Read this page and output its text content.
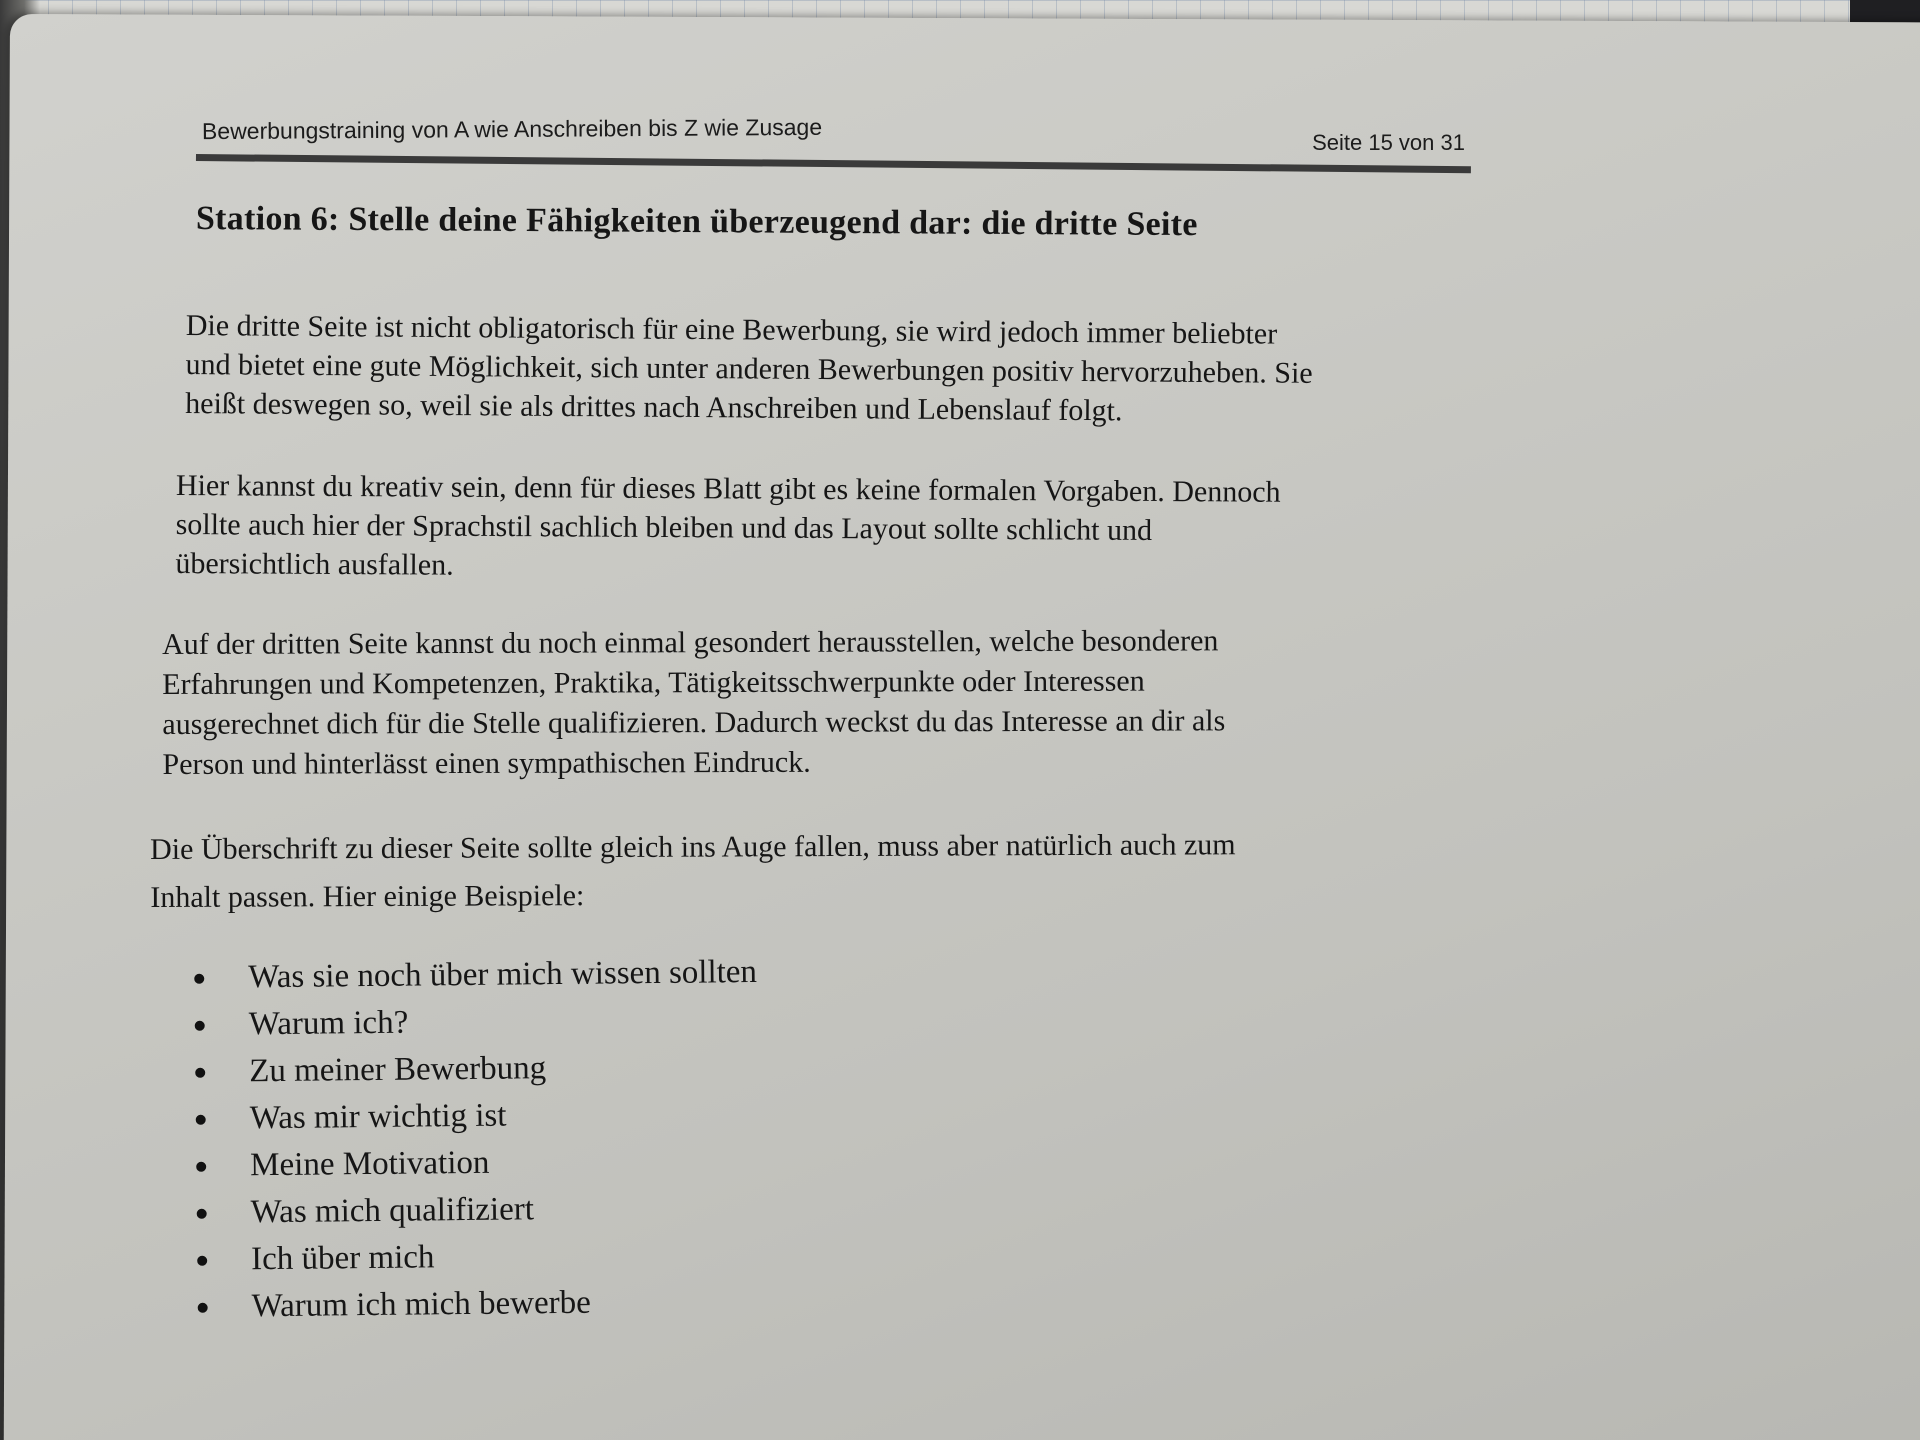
Bewerbungstraining von A wie Anschreiben bis Z wie Zusage	Seite 15 von 31
Station 6: Stelle deine Fähigkeiten überzeugend dar: die dritte Seite
Die dritte Seite ist nicht obligatorisch für eine Bewerbung, sie wird jedoch immer beliebter
und bietet eine gute Möglichkeit, sich unter anderen Bewerbungen positiv hervorzuheben. Sie
heißt deswegen so, weil sie als drittes nach Anschreiben und Lebenslauf folgt.
Hier kannst du kreativ sein, denn für dieses Blatt gibt es keine formalen Vorgaben. Dennoch
sollte auch hier der Sprachstil sachlich bleiben und das Layout sollte schlicht und
übersichtlich ausfallen.
Auf der dritten Seite kannst du noch einmal gesondert herausstellen, welche besonderen
Erfahrungen und Kompetenzen, Praktika, Tätigkeitsschwerpunkte oder Interessen
ausgerechnet dich für die Stelle qualifizieren. Dadurch weckst du das Interesse an dir als
Person und hinterlässt einen sympathischen Eindruck.
Die Überschrift zu dieser Seite sollte gleich ins Auge fallen, muss aber natürlich auch zum
Inhalt passen. Hier einige Beispiele:
Was sie noch über mich wissen sollten
Warum ich?
Zu meiner Bewerbung
Was mir wichtig ist
Meine Motivation
Was mich qualifiziert
Ich über mich
Warum ich mich bewerbe
